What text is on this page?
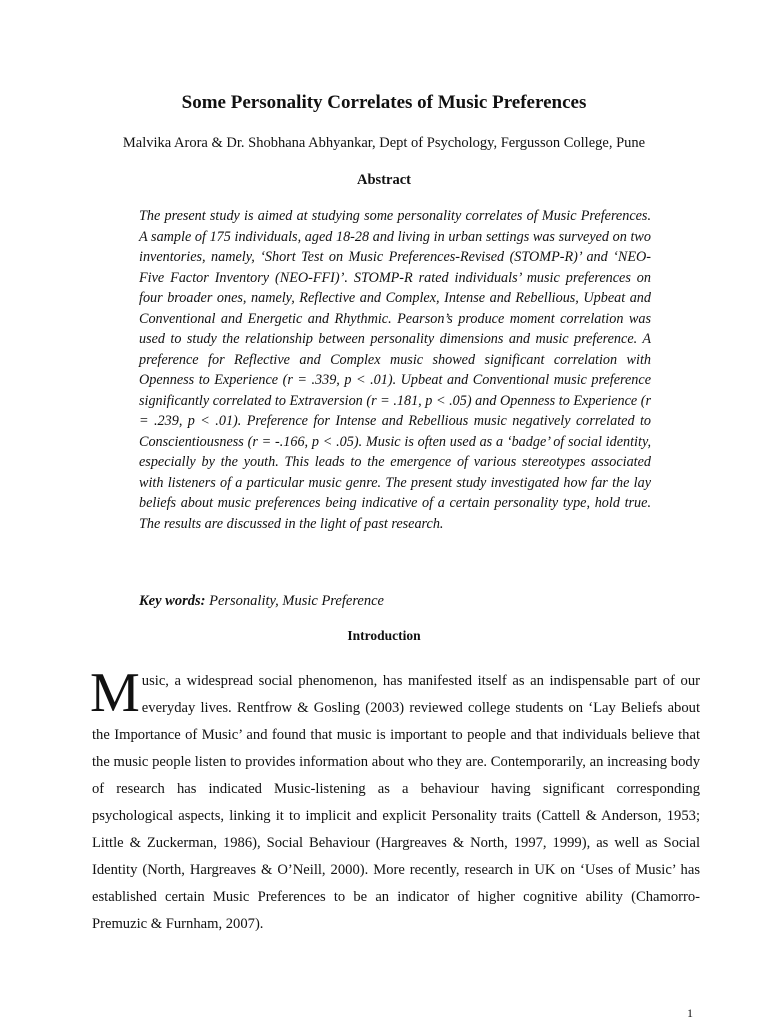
Some Personality Correlates of Music Preferences
Malvika Arora & Dr. Shobhana Abhyankar, Dept of Psychology, Fergusson College, Pune
Abstract

The present study is aimed at studying some personality correlates of Music Preferences. A sample of 175 individuals, aged 18-28 and living in urban settings was surveyed on two inventories, namely, ‘Short Test on Music Preferences-Revised (STOMP-R)’ and ‘NEO-Five Factor Inventory (NEO-FFI)’. STOMP-R rated individuals’ music preferences on four broader ones, namely, Reflective and Complex, Intense and Rebellious, Upbeat and Conventional and Energetic and Rhythmic. Pearson’s produce moment correlation was used to study the relationship between personality dimensions and music preference. A preference for Reflective and Complex music showed significant correlation with Openness to Experience (r = .339, p < .01). Upbeat and Conventional music preference significantly correlated to Extraversion (r = .181, p < .05) and Openness to Experience (r = .239, p < .01). Preference for Intense and Rebellious music negatively correlated to Conscientiousness (r = -.166, p < .05). Music is often used as a ‘badge’ of social identity, especially by the youth. This leads to the emergence of various stereotypes associated with listeners of a particular music genre. The present study investigated how far the lay beliefs about music preferences being indicative of a certain personality type, hold true. The results are discussed in the light of past research.

Key words: Personality, Music Preference
Introduction

Music, a widespread social phenomenon, has manifested itself as an indispensable part of our everyday lives. Rentfrow & Gosling (2003) reviewed college students on ‘Lay Beliefs about the Importance of Music’ and found that music is important to people and that individuals believe that the music people listen to provides information about who they are. Contemporarily, an increasing body of research has indicated Music-listening as a behaviour having significant corresponding psychological aspects, linking it to implicit and explicit Personality traits (Cattell & Anderson, 1953; Little & Zuckerman, 1986), Social Behaviour (Hargreaves & North, 1997, 1999), as well as Social Identity (North, Hargreaves & O’Neill, 2000). More recently, research in UK on ‘Uses of Music’ has established certain Music Preferences to be an indicator of higher cognitive ability (Chamorro-Premuzic & Furnham, 2007).

1
